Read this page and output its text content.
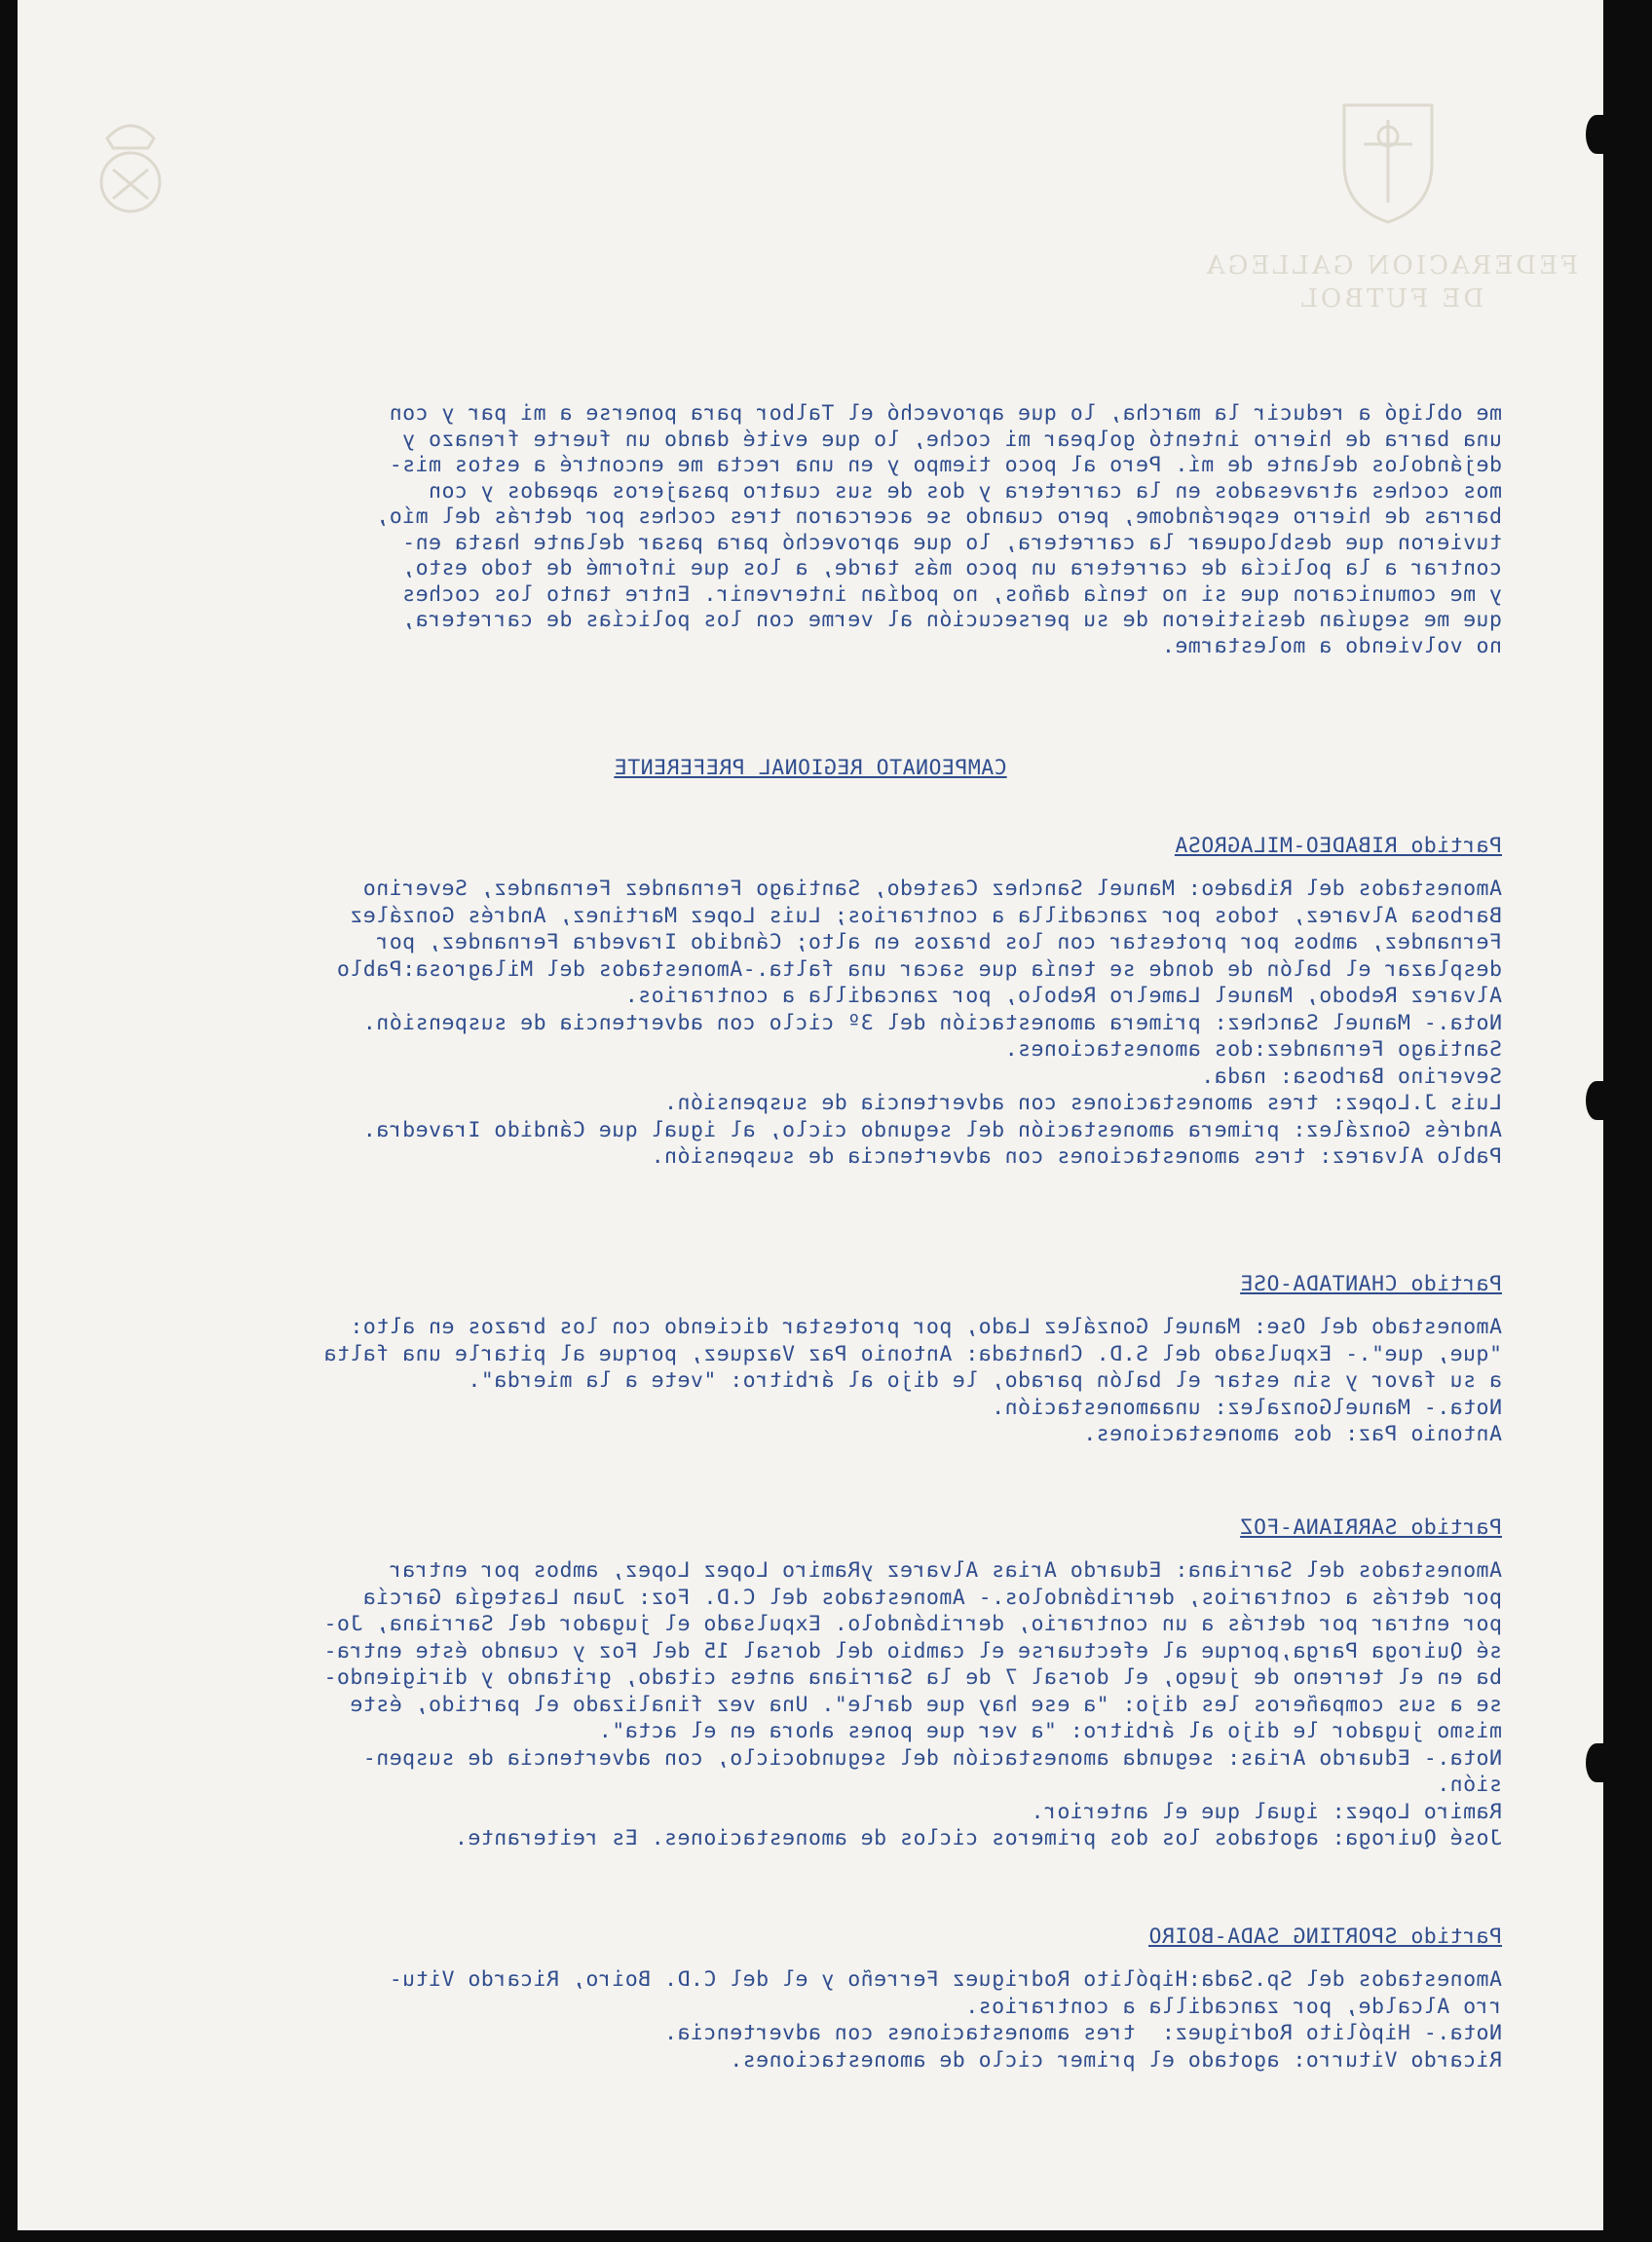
FEDERACION GALLEGA
DE FUTBOL
me obligó a reducir la marcha, lo que aprovechó el Talbor para ponerse a mi par y con
una barra de hierro intentó golpear mi coche, lo que evité dando un fuerte frenazo y
dejándolos delante de mí. Pero al poco tiempo y en una recta me encontré a estos mis-
mos coches atravesados en la carretera y dos de sus cuatro pasajeros apeados y con
barras de hierro esperándome, pero cuando se acercaron tres coches por detrás del mío,
tuvieron que desbloquear la carretera, lo que aprovechó para pasar delante hasta en-
contrar a la policía de carretera un poco más tarde, a los que informé de todo esto,
y me comunicaron que si no tenía daños, no podían intervenir. Entre tanto los coches
que me seguían desistieron de su persecución al verme con los policías de carretera,
no volviendo a molestarme.
CAMPEONATO REGIONAL PREFERENTE
Partido RIBADEO-MILAGROSA
Amonestados del Ribadeo: Manuel Sanchez Castedo, Santiago Fernandez Fernandez, Severino
Barbosa Alvarez, todos por zancadilla a contrarios; Luis Lopez Martinez, Andrés González
Fernandez, ambos por protestar con los brazos en alto; Cándido Iravedra Fernandez, por
desplazar el balón de donde se tenía que sacar una falta.-Amonestados del Milagrosa:Pablo
Alvarez Rebodo, Manuel Lamelro Rebolo, por zancadilla a contrarios.
Nota.- Manuel Sanchez: primera amonestación del 3º ciclo con advertencia de suspensión.
Santiago Fernandez:dos amonestaciones.
Severino Barbosa: nada.
Luis J.Lopez: tres amonestaciones con advertencia de suspensión.
Andrés González: primera amonestación del segundo ciclo, al igual que Cándido Iravedra.
Pablo Alvarez: tres amonestaciones con advertencia de suspensión.
Partido CHANTADA-OSE
Amonestado del Ose: Manuel González Lado, por protestar diciendo con los brazos en alto:
"que, que".- Expulsado del S.D. Chantada: Antonio Paz Vazquez, porque al pitarle una falta
a su favor y sin estar el balón parado, le dijo al árbitro: "vete a la mierda".
Nota.- ManuelGonzalez: unaamonestación.
Antonio Paz: dos amonestaciones.
Partido SARRIANA-FOZ
Amonestados del Sarriana: Eduardo Arias Alvarez yRamiro Lopez Lopez, ambos por entrar
por detrás a contrarios, derribándolos.- Amonestados del C.D. Foz: Juan Lastegía García
por entrar por detrás a un contrario, derribándolo. Expulsado el jugador del Sarriana, Jo-
sé Quiroga Parga,porque al efectuarse el cambio del dorsal 15 del Foz y cuando éste entra-
ba en el terreno de juego, el dorsal 7 de la Sarriana antes citado, gritando y dirigiendo-
se a sus compañeros les dijo: "a ese hay que darle". Una vez finalizado el partido, éste
mismo jugador le dijo al árbitro: "a ver que pones ahora en el acta".
Nota.- Eduardo Arias: segunda amonestación del segundociclo, con advertencia de suspen-
sión.
Ramiro Lopez: igual que el anterior.
José Quiroga: agotados los dos primeros ciclos de amonestaciones. Es reiterante.
Partido SPORTING SADA-BOIRO
Amonestados del Sp.Sada:Hipólito Rodriguez Ferreño y el del C.D. Boiro, Ricardo Vitu-
rro Alcalde, por zancadilla a contrarios.
Nota.- Hipólito Rodriguez:  tres amonestaciones con advertencia.
Ricardo Viturro: agotado el primer ciclo de amonestaciones.
